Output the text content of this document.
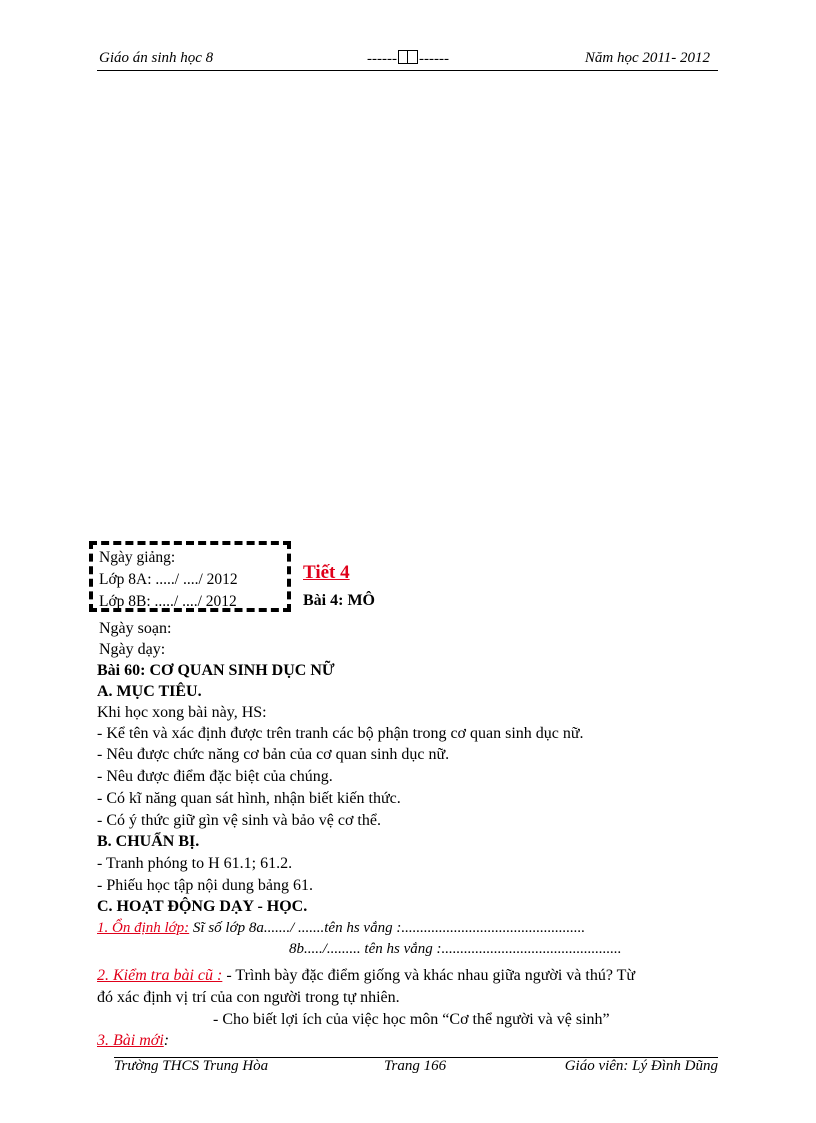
Giáo án sinh học 8	------ ------	Năm học 2011- 2012
Ngày giảng:
Lớp 8A: ...../ ..../ 2012
Lớp 8B: ...../ ..../ 2012
Tiết 4
Bài 4: MÔ
Ngày soạn:
Ngày dạy:
Bài 60: CƠ QUAN SINH DỤC NỮ
A. MỤC TIÊU.
Khi học xong bài này, HS:
- Kể tên và xác định được trên tranh các bộ phận trong cơ quan sinh dục nữ.
- Nêu được chức năng cơ bản của cơ quan sinh dục nữ.
- Nêu được điểm đặc biệt của chúng.
- Có kĩ năng quan sát hình, nhận biết kiến thức.
- Có ý thức giữ gìn vệ sinh và bảo vệ cơ thể.
B. CHUẨN BỊ.
- Tranh phóng to H 61.1; 61.2.
- Phiếu học tập nội dung bảng 61.
C. HOẠT ĐỘNG DẠY - HỌC.
1. Ổn định lớp: Sĩ số lớp 8a......./ .......tên hs vắng :.................................................
8b...../......... tên hs vắng :................................................
2. Kiểm tra bài cũ : - Trình bày đặc điểm giống và khác nhau giữa người và thú? Từ
đó xác định vị trí của con người trong tự nhiên.
- Cho biết lợi ích của việc học môn “Cơ thể người và vệ sinh”
3. Bài mới:
Trường THCS Trung Hòa	Trang 166	Giáo viên: Lý Đình Dũng
